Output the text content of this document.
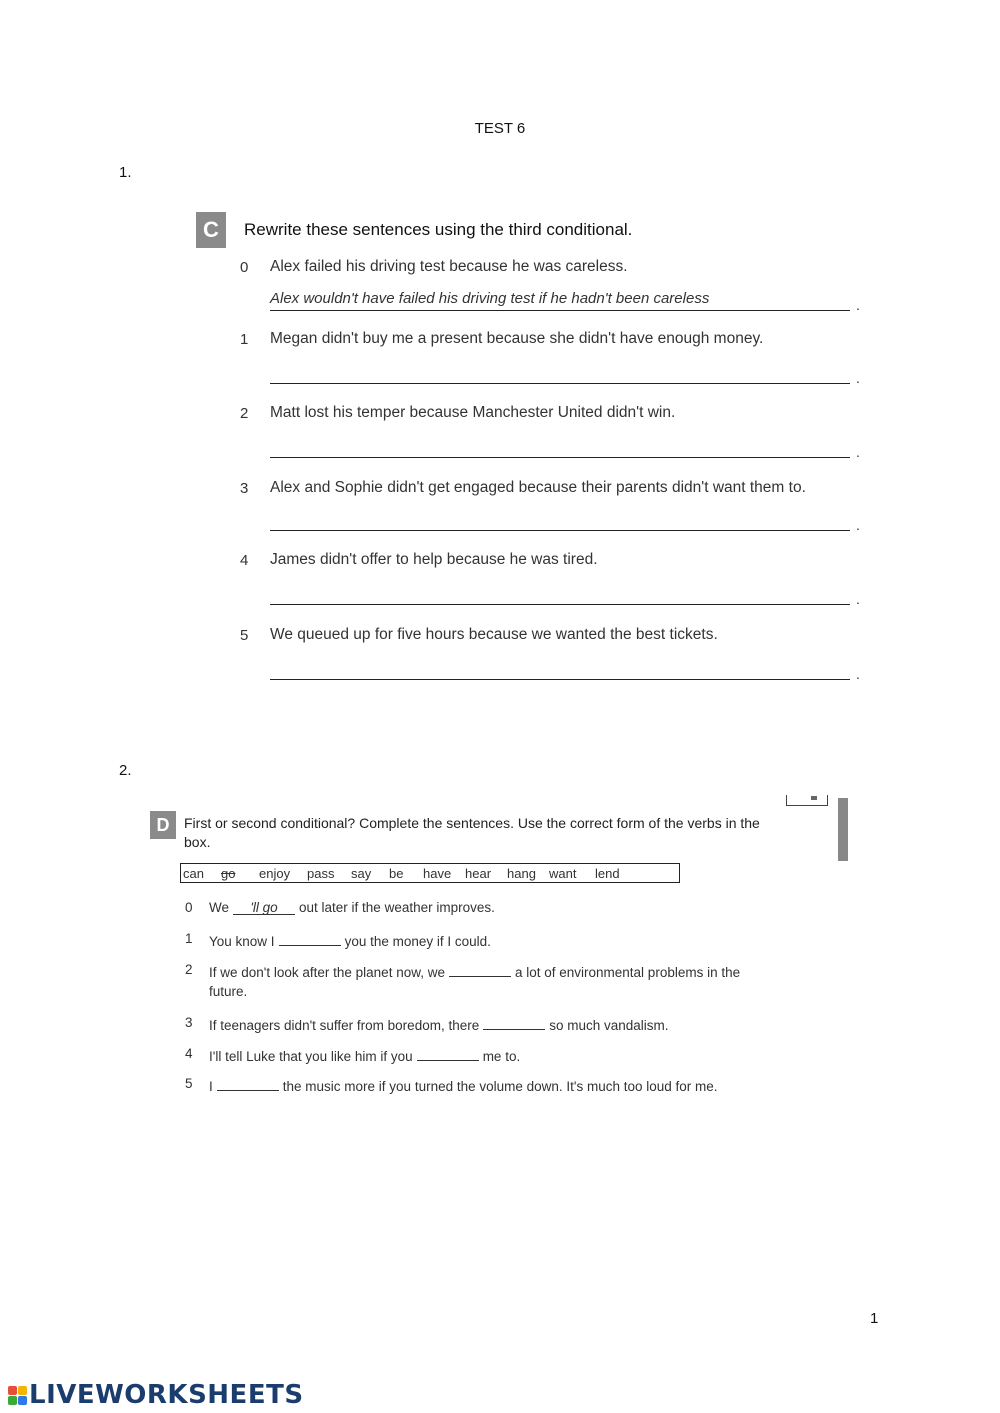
TEST 6
1.
C	Rewrite these sentences using the third conditional.
0	Alex failed his driving test because he was careless.
Alex wouldn't have failed his driving test if he hadn't been careless	.
1	Megan didn't buy me a present because she didn't have enough money.
.
2	Matt lost his temper because Manchester United didn't win.
.
3	Alex and Sophie didn't get engaged because their parents didn't want them to.
.
4	James didn't offer to help because he was tired.
.
5	We queued up for five hours because we wanted the best tickets.
.
2.
D	First or second conditional? Complete the sentences. Use the correct form of the verbs in the box.
can	go	enjoy	pass	say	be	have	hear	hang	want	lend
0 We 'll go out later if the weather improves.
1 You know I	you the money if I could.
2 If we don't look after the planet now, we	a lot of environmental problems in the
future.
3 If teenagers didn't suffer from boredom, there	so much vandalism.
4 I'll tell Luke that you like him if you	me to.
5 I	the music more if you turned the volume down. It's much too loud for me.
1
LIVEWORKSHEETS
